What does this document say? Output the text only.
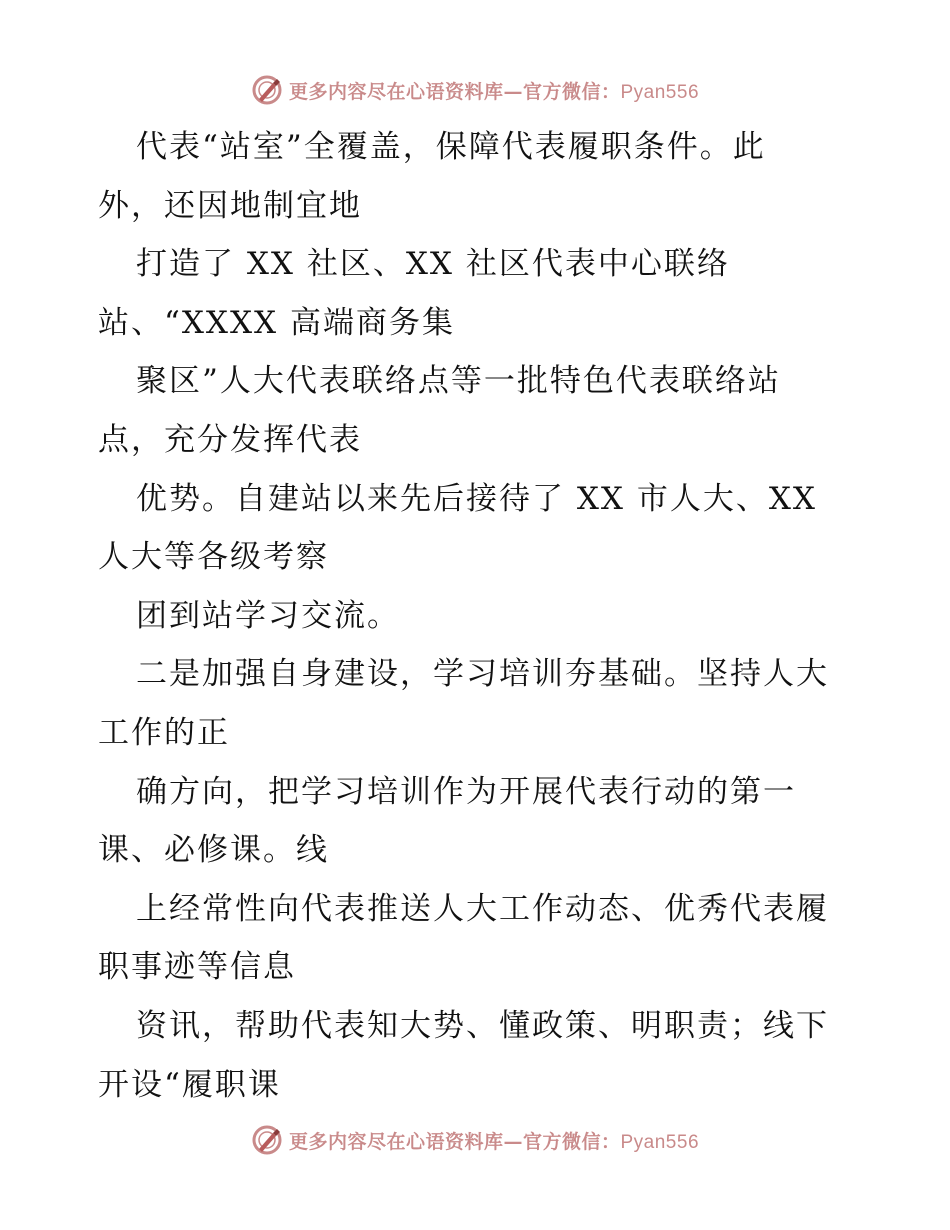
更多内容尽在心语资料库—官方微信：Pyan556
代表“站室”全覆盖，保障代表履职条件。此
外，还因地制宜地
打造了 XX 社区、XX 社区代表中心联络
站、“XXXX 高端商务集
聚区”人大代表联络点等一批特色代表联络站
点，充分发挥代表
优势。自建站以来先后接待了 XX 市人大、XX
人大等各级考察
团到站学习交流。
二是加强自身建设，学习培训夯基础。坚持人大
工作的正
确方向，把学习培训作为开展代表行动的第一
课、必修课。线
上经常性向代表推送人大工作动态、优秀代表履
职事迹等信息
资讯，帮助代表知大势、懂政策、明职责；线下
开设“履职课
更多内容尽在心语资料库—官方微信：Pyan556
